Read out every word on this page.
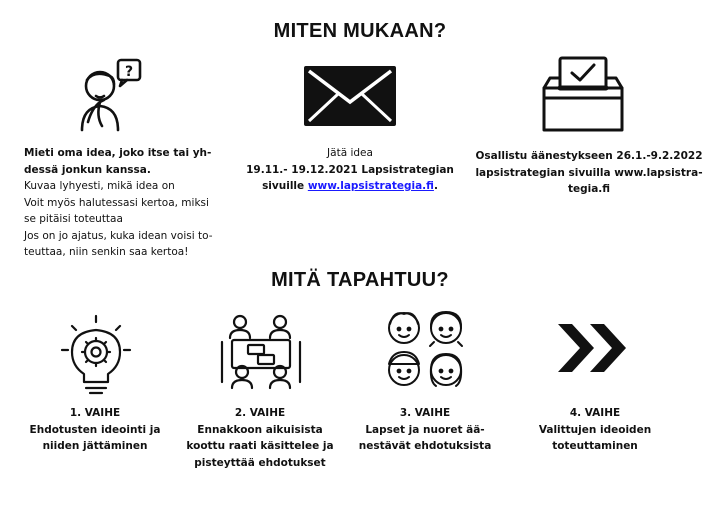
MITEN MUKAAN?
?
Mieti oma idea, joko itse tai yh-
dessä jonkun kanssa.
Kuvaa lyhyesti, mikä idea on
Voit myös halutessasi kertoa, miksi
se pitäisi toteuttaa
Jos on jo ajatus, kuka idean voisi to-
teuttaa, niin senkin saa kertoa!
Jätä idea
19.11.- 19.12.2021 Lapsistrategian
sivuille www.lapsistrategia.fi.
Osallistu äänestykseen 26.1.-9.2.2022
lapsistrategian sivuilla www.lapsistra-
tegia.fi
MITÄ TAPAHTUU?
1. VAIHE
Ehdotusten ideointi ja
niiden jättäminen
2. VAIHE
Ennakkoon aikuisista
koottu raati käsittelee ja
pisteyttää ehdotukset
3. VAIHE
Lapset ja nuoret ää-
nestävät ehdotuksista
4. VAIHE
Valittujen ideoiden
toteuttaminen
